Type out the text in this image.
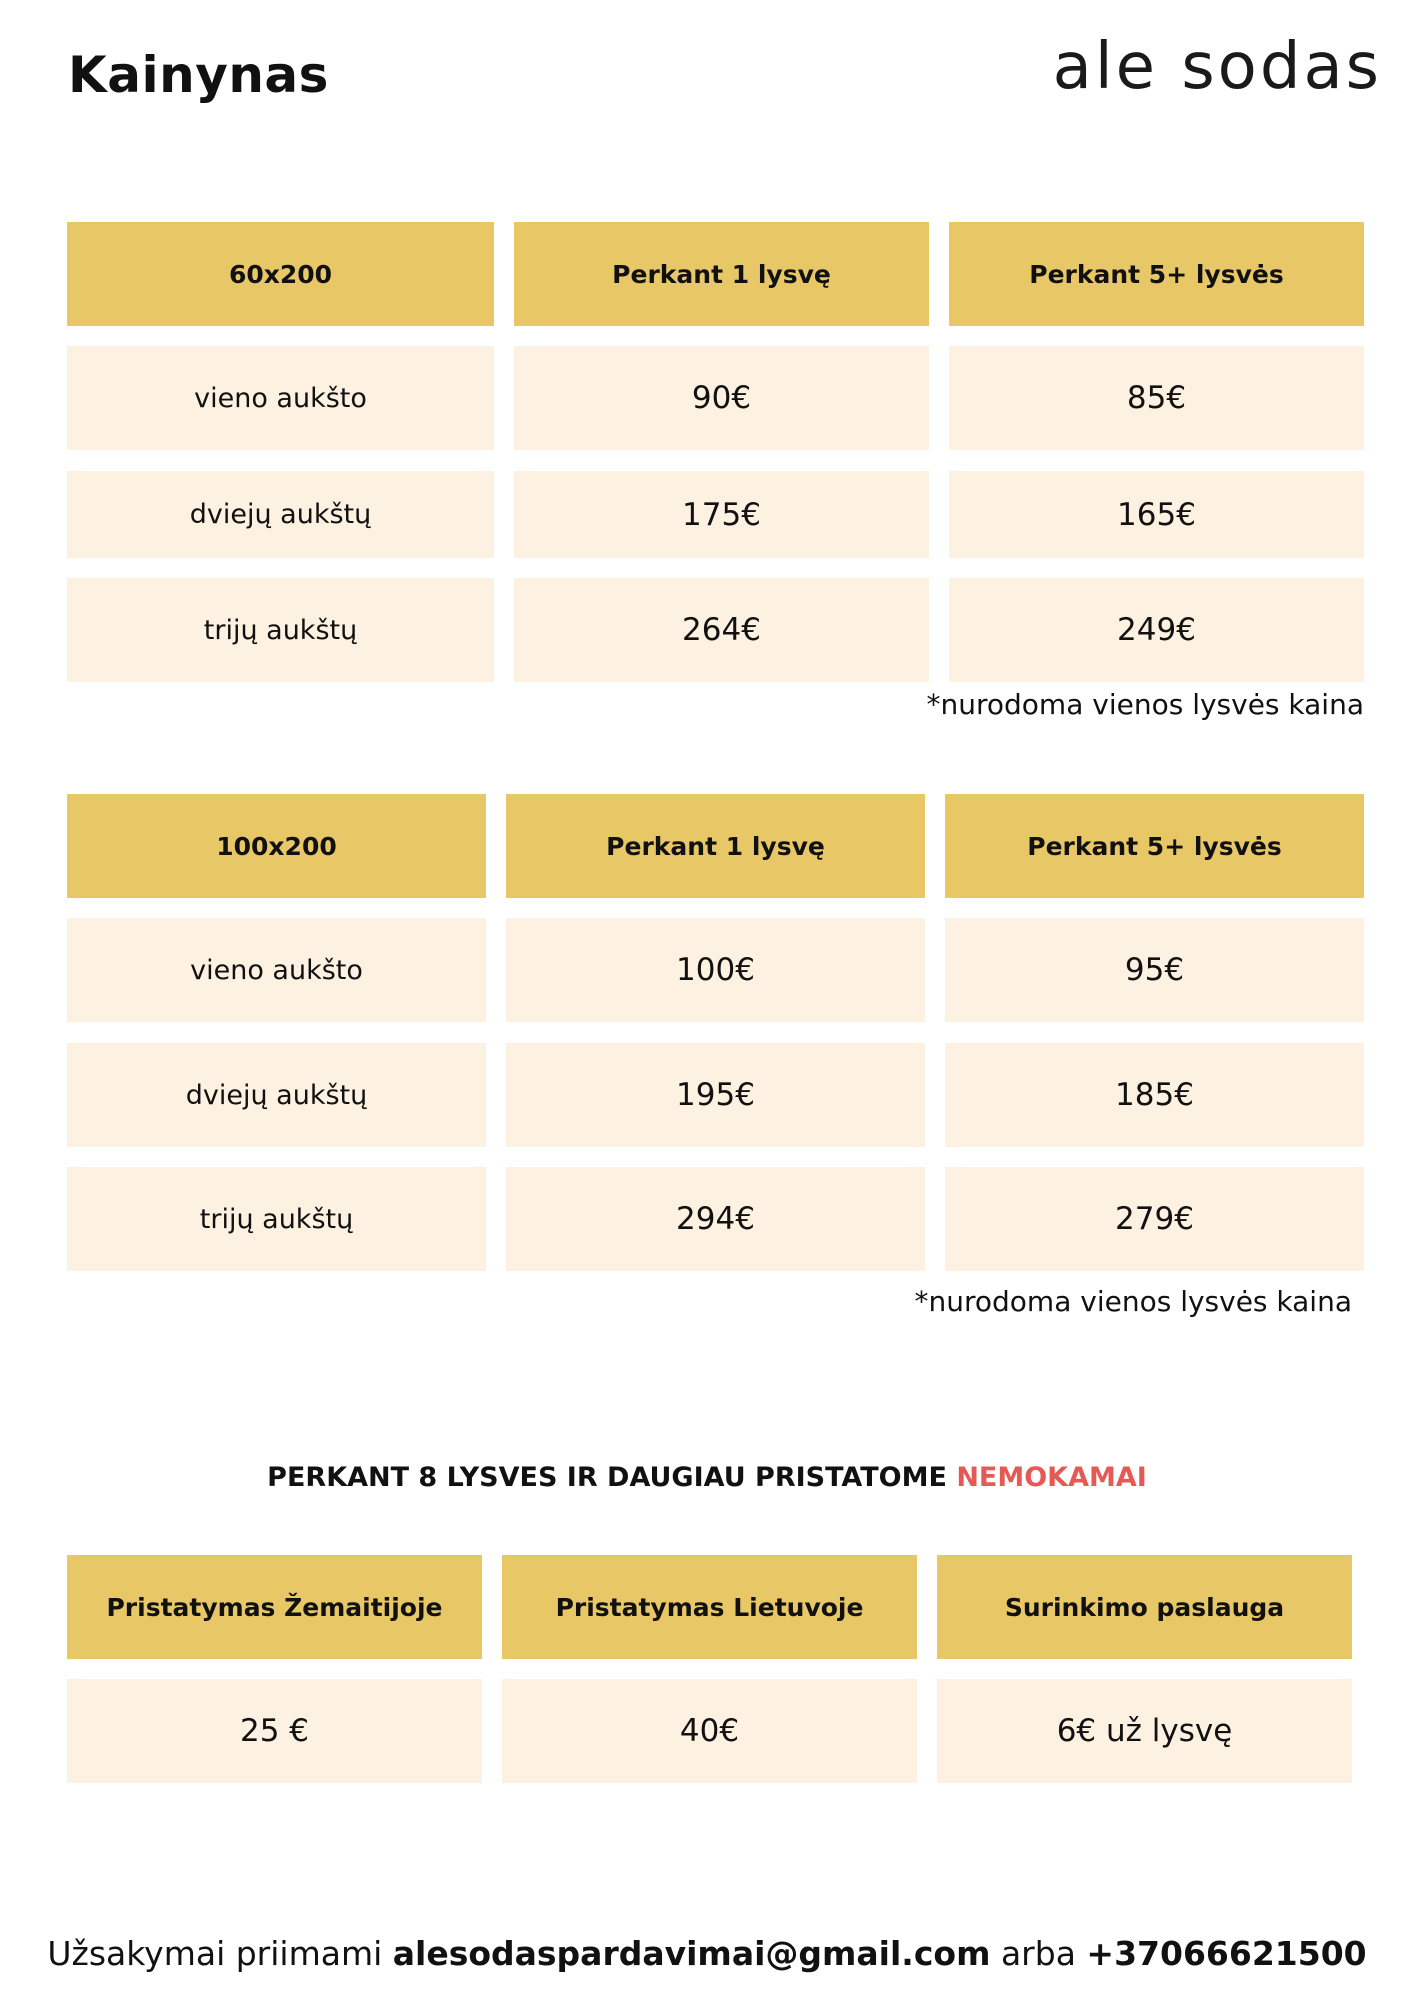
Kainynas	ale sodas
60x200	Perkant 1 lysvę	Perkant 5+ lysvės
vieno aukšto	90€	85€
dviejų aukštų	175€	165€
trijų aukštų	264€	249€
*nurodoma vienos lysvės kaina
100x200	Perkant 1 lysvę	Perkant 5+ lysvės
vieno aukšto	100€	95€
dviejų aukštų	195€	185€
trijų aukštų	294€	279€
*nurodoma vienos lysvės kaina
PERKANT 8 LYSVES IR DAUGIAU PRISTATOME NEMOKAMAI
Pristatymas Žemaitijoje	Pristatymas Lietuvoje	Surinkimo paslauga
25 €	40€	6€ už lysvę
Užsakymai priimami alesodaspardavimai@gmail.com arba +37066621500
